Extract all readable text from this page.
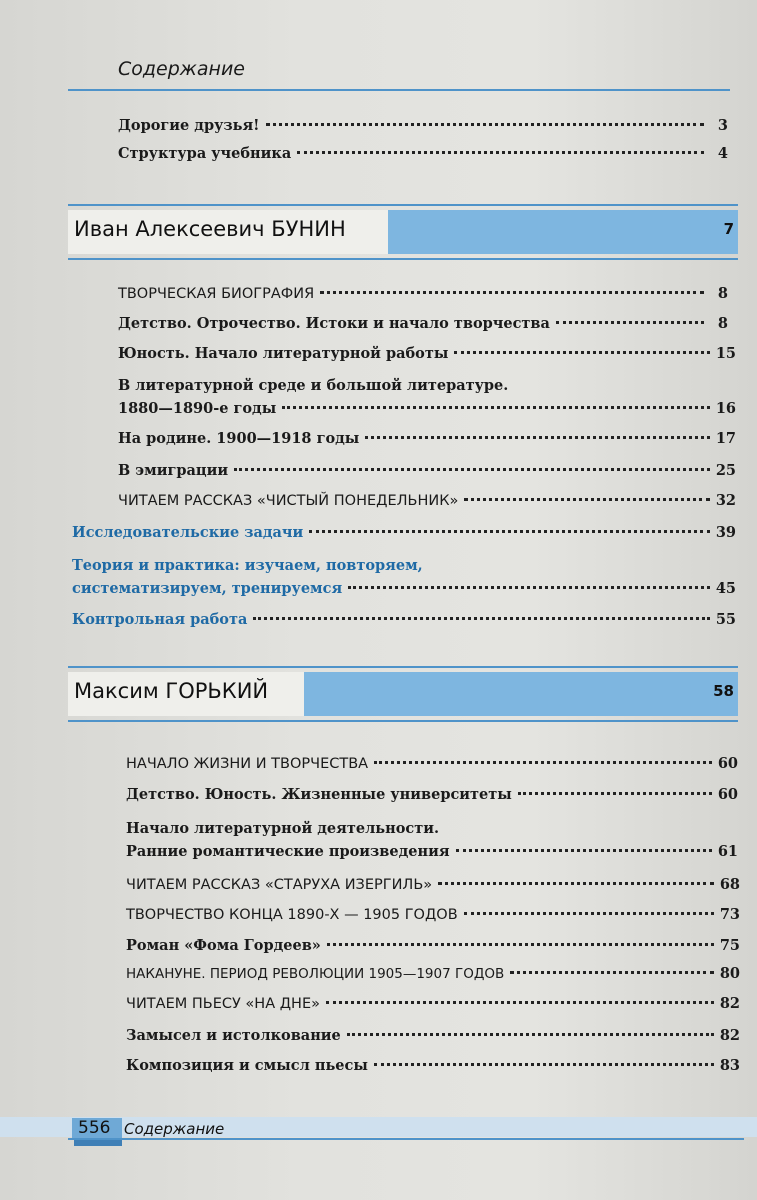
Содержание
Дорогие друзья!	3
Структура учебника	4
Иван Алексеевич БУНИН	7
ТВОРЧЕСКАЯ БИОГРАФИЯ	8
Детство. Отрочество. Истоки и начало творчества	8
Юность. Начало литературной работы	15
В литературной среде и большой литературе.
1880—1890-е годы	16
На родине. 1900—1918 годы	17
В эмиграции	25
ЧИТАЕМ РАССКАЗ «ЧИСТЫЙ ПОНЕДЕЛЬНИК»	32
Исследовательские задачи	39
Теория и практика: изучаем, повторяем,
систематизируем, тренируемся	45
Контрольная работа	55
Максим ГОРЬКИЙ	58
НАЧАЛО ЖИЗНИ И ТВОРЧЕСТВА	60
Детство. Юность. Жизненные университеты	60
Начало литературной деятельности.
Ранние романтические произведения	61
ЧИТАЕМ РАССКАЗ «СТАРУХА ИЗЕРГИЛЬ»	68
ТВОРЧЕСТВО КОНЦА 1890-Х — 1905 ГОДОВ	73
Роман «Фома Гордеев»	75
НАКАНУНЕ. ПЕРИОД РЕВОЛЮЦИИ 1905—1907 ГОДОВ	80
ЧИТАЕМ ПЬЕСУ «НА ДНЕ»	82
Замысел и истолкование	82
Композиция и смысл пьесы	83
556 Содержание
